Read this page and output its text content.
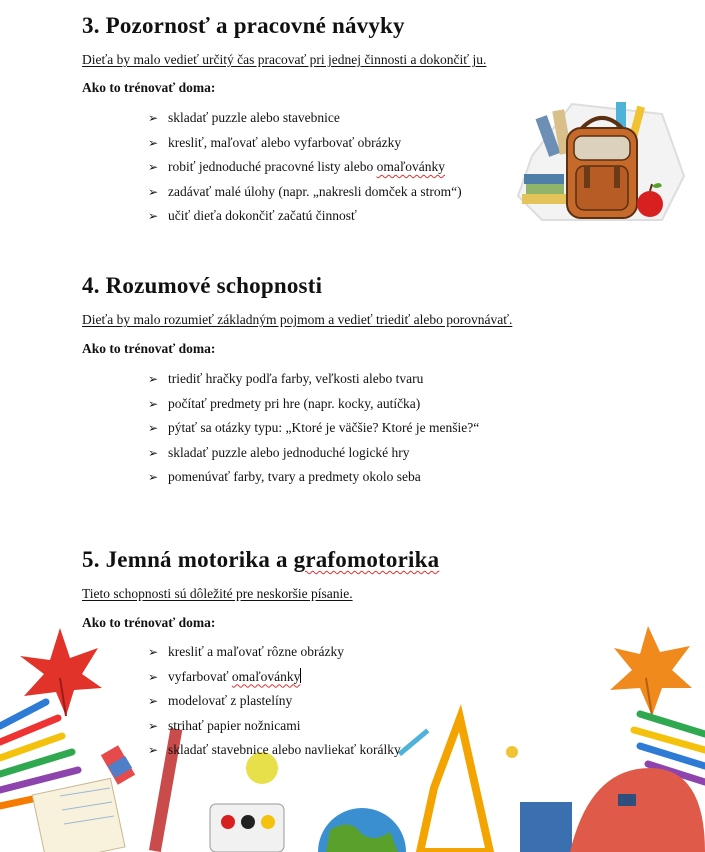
3. Pozornosť a pracovné návyky
Dieťa by malo vedieť určitý čas pracovať pri jednej činnosti a dokončiť ju.
Ako to trénovať doma:
➢ skladať puzzle alebo stavebnice
➢ kresliť, maľovať alebo vyfarbovať obrázky
➢ robiť jednoduché pracovné listy alebo omaľovánky
➢ zadávať malé úlohy (napr. „nakresli domček a strom“)
➢ učiť dieťa dokončiť začatú činnosť
4. Rozumové schopnosti
Dieťa by malo rozumieť základným pojmom a vedieť triediť alebo porovnávať.
Ako to trénovať doma:
➢ triediť hračky podľa farby, veľkosti alebo tvaru
➢ počítať predmety pri hre (napr. kocky, autíčka)
➢ pýtať sa otázky typu: „Ktoré je väčšie? Ktoré je menšie?“
➢ skladať puzzle alebo jednoduché logické hry
➢ pomenúvať farby, tvary a predmety okolo seba
5. Jemná motorika a grafomotorika
Tieto schopnosti sú dôležité pre neskoršie písanie.
Ako to trénovať doma:
➢ kresliť a maľovať rôzne obrázky
➢ vyfarbovať omaľovánky
➢ modelovať z plastelíny
➢ strihať papier nožnicami
➢ skladať stavebnice alebo navliekať korálky
